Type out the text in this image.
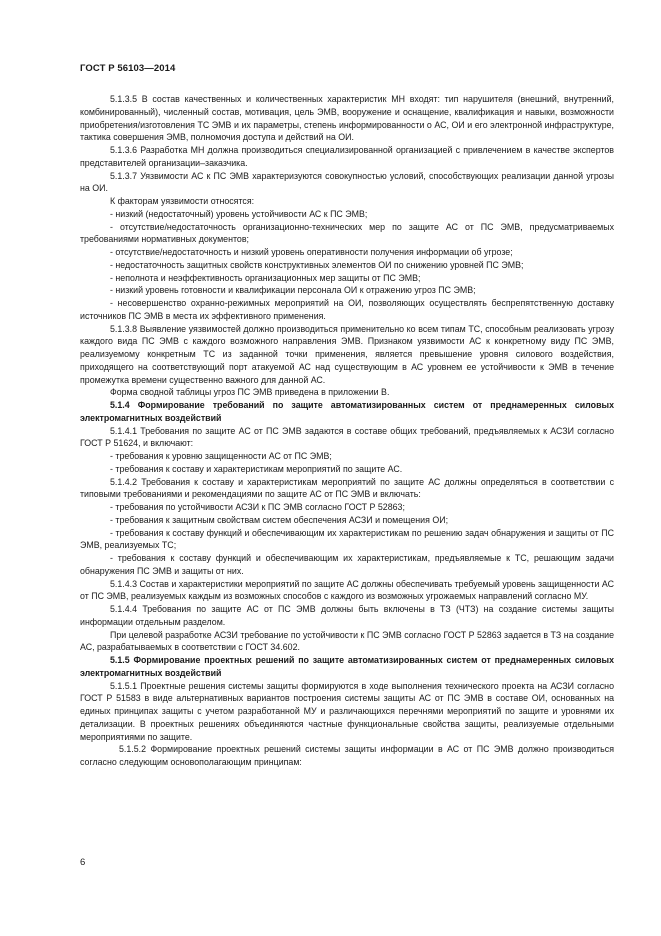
ГОСТ Р 56103—2014

5.1.3.5 В состав качественных и количественных характеристик МН входят: тип нарушителя (внешний, внутренний, комбинированный), численный состав, мотивация, цель ЭМВ, вооружение и оснащение, квалификация и навыки, возможности приобретения/изготовления ТС ЭМВ и их параметры, степень информированности о АС, ОИ и его электронной инфраструктуре, тактика совершения ЭМВ, полномочия доступа и действий на ОИ.

5.1.3.6 Разработка МН должна производиться специализированной организацией с привлечением в качестве экспертов представителей организации–заказчика.

5.1.3.7 Уязвимости АС к ПС ЭМВ характеризуются совокупностью условий, способствующих реализации данной угрозы на ОИ.

К факторам уязвимости относятся:

- низкий (недостаточный) уровень устойчивости АС к ПС ЭМВ;

- отсутствие/недостаточность организационно-технических мер по защите АС от ПС ЭМВ, предусматриваемых требованиями нормативных документов;

- отсутствие/недостаточность и низкий уровень оперативности получения информации об угрозе;

- недостаточность защитных свойств конструктивных элементов ОИ по снижению уровней ПС ЭМВ;

- неполнота и неэффективность организационных мер защиты от ПС ЭМВ;

- низкий уровень готовности и квалификации персонала ОИ к отражению угроз ПС ЭМВ;

- несовершенство охранно-режимных мероприятий на ОИ, позволяющих осуществлять беспрепятственную доставку источников ПС ЭМВ в места их эффективного применения.

5.1.3.8 Выявление уязвимостей должно производиться применительно ко всем типам ТС, способным реализовать угрозу каждого вида ПС ЭМВ с каждого возможного направления ЭМВ. Признаком уязвимости АС к конкретному виду ПС ЭМВ, реализуемому конкретным ТС из заданной точки применения, является превышение уровня силового воздействия, приходящего на соответствующий порт атакуемой АС над существующим в АС уровнем ее устойчивости к ЭМВ в течение промежутка времени существенно важного для данной АС.

Форма сводной таблицы угроз ПС ЭМВ приведена в приложении В.

5.1.4 Формирование требований по защите автоматизированных систем от преднамеренных силовых электромагнитных воздействий

5.1.4.1 Требования по защите АС от ПС ЭМВ задаются в составе общих требований, предъявляемых к АСЗИ согласно ГОСТ Р 51624, и включают:

- требования к уровню защищенности АС от ПС ЭМВ;

- требования к составу и характеристикам мероприятий по защите АС.

5.1.4.2 Требования к составу и характеристикам мероприятий по защите АС должны определяться в соответствии с типовыми требованиями и рекомендациями по защите АС от ПС ЭМВ и включать:

- требования по устойчивости АСЗИ к ПС ЭМВ согласно ГОСТ Р 52863;

- требования к защитным свойствам систем обеспечения АСЗИ и помещения ОИ;

- требования к составу функций и обеспечивающим их характеристикам по решению задач обнаружения и защиты от ПС ЭМВ, реализуемых ТС;

- требования к составу функций и обеспечивающим их характеристикам, предъявляемые к ТС, решающим задачи обнаружения ПС ЭМВ и защиты от них.

5.1.4.3 Состав и характеристики мероприятий по защите АС должны обеспечивать требуемый уровень защищенности АС от ПС ЭМВ, реализуемых каждым из возможных способов с каждого из возможных угрожаемых направлений согласно МУ.

5.1.4.4 Требования по защите АС от ПС ЭМВ должны быть включены в ТЗ (ЧТЗ) на создание системы защиты информации отдельным разделом.

При целевой разработке АСЗИ требование по устойчивости к ПС ЭМВ согласно ГОСТ Р 52863 задается в ТЗ на создание АС, разрабатываемых в соответствии с ГОСТ 34.602.

5.1.5 Формирование проектных решений по защите автоматизированных систем от преднамеренных силовых электромагнитных воздействий

5.1.5.1 Проектные решения системы защиты формируются в ходе выполнения технического проекта на АСЗИ согласно ГОСТ Р 51583 в виде альтернативных вариантов построения системы защиты АС от ПС ЭМВ в составе ОИ, основанных на единых принципах защиты с учетом разработанной МУ и различающихся перечнями мероприятий по защите и уровнями их детализации. В проектных решениях объединяются частные функциональные свойства защиты, реализуемые отдельными мероприятиями по защите.

5.1.5.2 Формирование проектных решений системы защиты информации в АС от ПС ЭМВ должно производиться согласно следующим основополагающим принципам:

6
